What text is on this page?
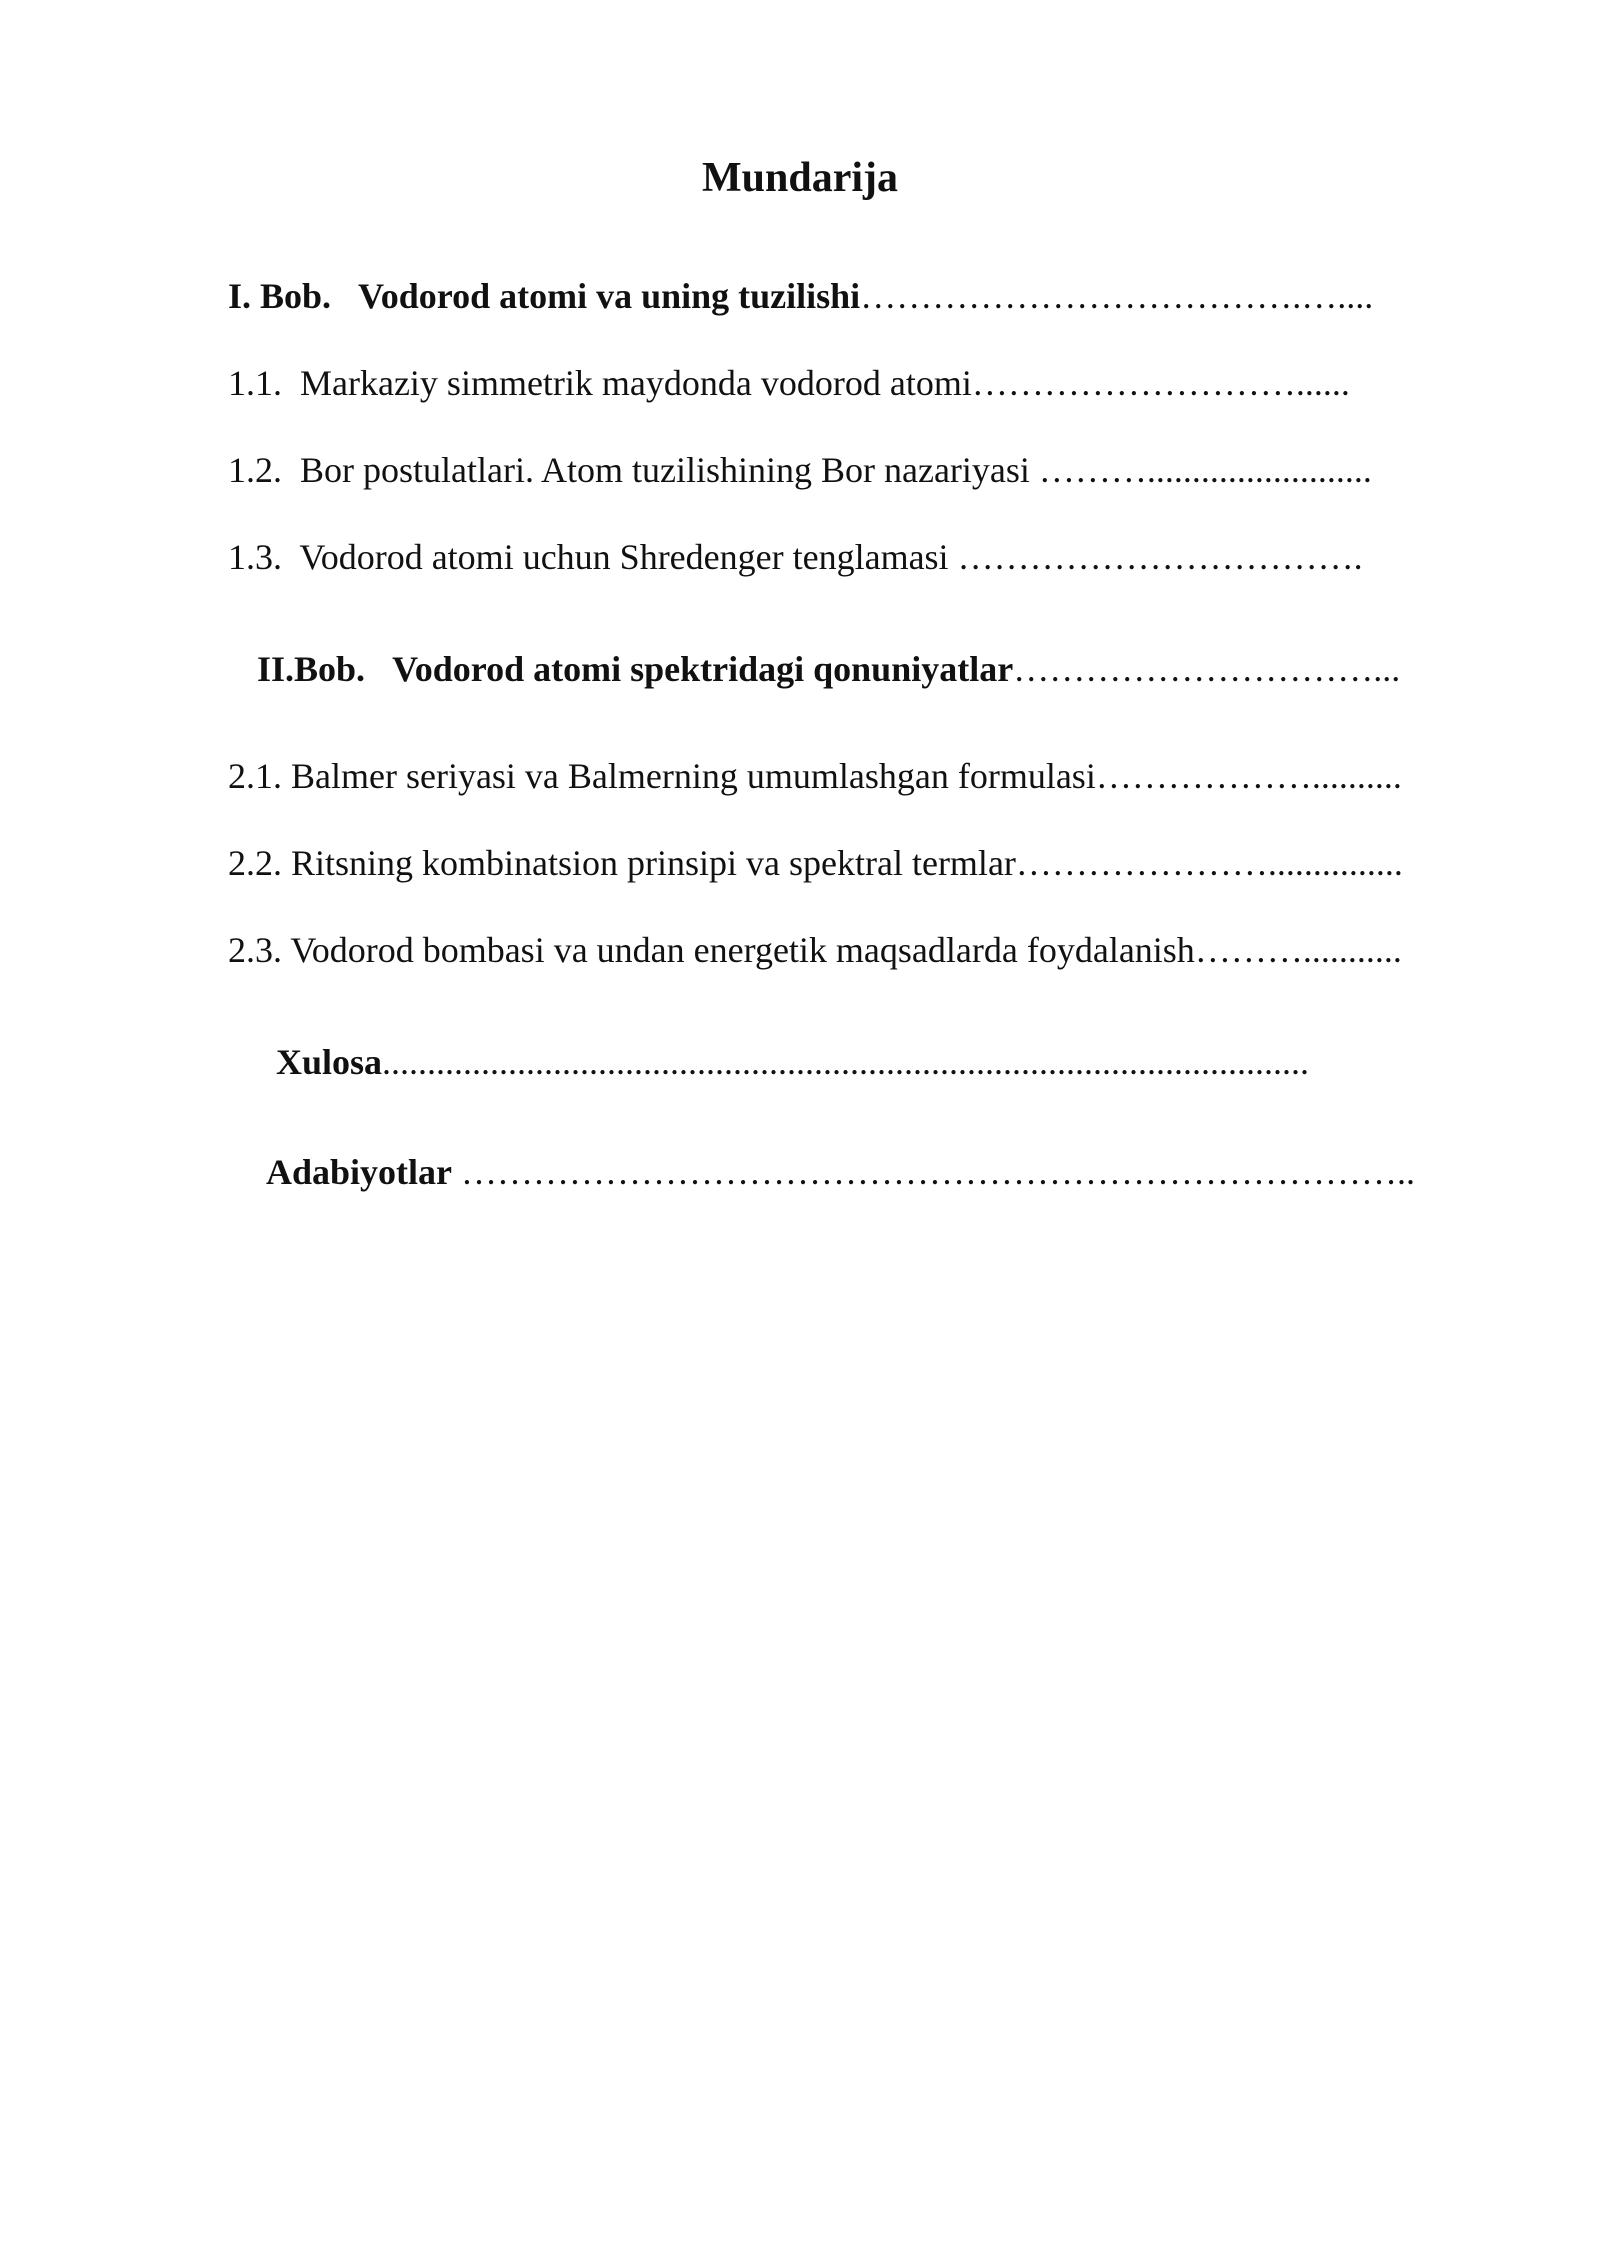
Mundarija
I. Bob. Vodorod atomi va uning tuzilishi……………………………….…....
1.1. Markaziy simmetrik maydonda vodorod atomi………………………......
1.2. Bor postulatlari. Atom tuzilishining Bor nazariyasi ……….........................
1.3. Vodorod atomi uchun Shredenger tenglamasi …………………………….
II.Bob. Vodorod atomi spektridagi qonuniyatlar…………………………...
2.1. Balmer seriyasi va Balmerning umumlashgan formulasi………………..........
2.2. Ritsning kombinatsion prinsipi va spektral termlar…………………...............
2.3. Vodorod bombasi va undan energetik maqsadlarda foydalanish………...........
Xulosa.......................................................................................................
Adabiyotlar ……………………………………………………………………..
